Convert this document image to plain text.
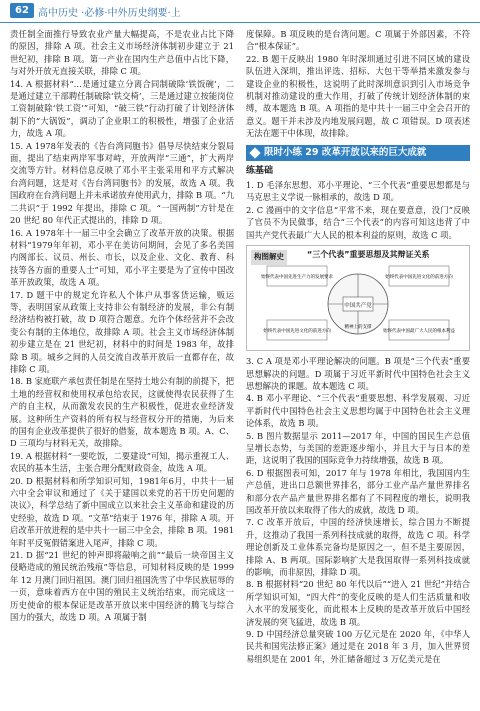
62 高中历史 ·必修·中外历史纲要·上

责任制全面推行导致农业产量大幅提高，不是农业占比下降的原因，排除 A 项。社会主义市场经济体制初步建立于 21 世纪初，排除 B 项。第一产业在国内生产总值中占比下降，与对外开放无直接关联，排除 C 项。

14. A 根据材料“…是通过建立分离合同制破除‘铁饭碗’，二是通过建立干部聘任制破除‘铁交椅’，三是通过建立按能岗位工资制破除‘铁工资’”可知，“破三铁”行动打破了计划经济体制下的“大锅饭”，调动了企业职工的积极性，增强了企业活力，故选 A 项。

15. A 1978年发表的《告台湾同胞书》倡导尽快结束分裂局面，提出了结束两岸军事对峙，开放两岸“三通”，扩大两岸交流等方针。材料信息反映了邓小平主张采用和平方式解决台湾问题，这是对《告台湾同胞书》的发展，故选 A 项。我国政府在台湾问题上并未承诺放弃使用武力，排除 B 项。“九二共识”于 1992 年提出，排除 C 项。“一国两制”方针是在 20 世纪 80 年代正式提出的，排除 D 项。

16. A 1978年十一届三中全会确立了改革开放的决策。根据材料“1979年年初，邓小平在美访问期间，会见了多名美国内阁部长、议员、州长、市长，以及企业、文化、教育、科技等各方面的重要人士”可知，邓小平主要是为了宣传中国改革开放政策，故选 A 项。

17. D 题干中的规定允许私人个体户从事客货运输，贩运等，表明国家从政策上支持非公有制经济的发展，非公有制经济结构被打破，故 D 项符合题意。允许个体经营并不会改变公有制的主体地位，故排除 A 项。社会主义市场经济体制初步建立是在 21 世纪初，材料中的时间是 1983 年，故排除 B 项。城乡之间的人员交流自改革开放后一直都存在，故排除 C 项。

18. B 家庭联产承包责任制是在坚持土地公有制的前提下，把土地的经营权和使用权承包给农民，这就使得农民获得了生产的自主权，从而激发农民的生产积极性，促进农业经济发展。这种所生产资料的所有权与经营权分开的措施，为后来的国有企业改革提供了很好的借鉴，故本题选 B 项。A、C、D 三项均与材料无关，故排除。

19. A 根据材料“一要吃饭，二要建设”可知，揭示重视工人、农民的基本生活，主张合理分配财政资金，故选 A 项。

20. D 根据材料和所学知识可知，1981年6月，中共十一届六中全会审议和通过了《关于建国以来党的若干历史问题的决议》，科学总结了新中国成立以来社会主义革命和建设的历史经验，故选 D 项。“文革”结束于 1976 年，排除 A 项。开启改革开放进程的是中共十一届三中全会，排除 B 项。1981 年时平反冤假错案进入尾声，排除 C 项。

21. D 据“21 世纪的钟声即将敲响之前”“最后一块帝国主义侵略造成的殖民统治残痕”等信息，可知材料反映的是 1999 年 12 月澳门回归祖国。澳门回归祖国洗雪了中华民族屈辱的一页，意味着西方在中国的殖民主义统治结束，而完成这一历史使命的根本保证是改革开放以来中国经济的腾飞与综合国力的强大，故选 D 项。A 项属于制

度保障。B 项反映的是台湾问题。C 项属于外部因素，不符合“根本保证”。

22. B 题干反映出 1980 年时深圳通过引进不同区域的建设队伍进入深圳，推出评选、招标、大包干等举措来激发参与建设企业的积极性，这说明了此时深圳意识到引入市场竞争机制对推动建设的重大作用，打破了传统计划经济体制的束缚，故本题选 B 项。A 项指的是中共十一届三中全会召开的意义。题干并未涉及内地发展问题，故 C 项错误。D 项表述无法在题干中体现，故排除。

限时小练 29 改革开放以来的巨大成就
练基础

1. D 毛泽东思想、邓小平理论、“三个代表”重要思想都是与马克思主义学说一脉相承的，故选 D 项。

2. C 漫画中的文字信息“平常不来，现在要意意，没门”反映了官员不为民做事，结合“三个代表”的内容可知这违背了中国共产党代表最广大人民的根本利益的原则，故选 C 项。

构图解史	“三个代表”重要思想及其辩证关系
中国共产党
始终代表中国先进文化的前进方向
始终代表中国先进生产力的发展要求
始终代表中国最广大人民的根本利益
始终代表中国先进文化的前进方向
精神上的支撑

3. C A 项是邓小平理论解决的问题。B 项是“三个代表”重要思想解决的问题。D 项属于习近平新时代中国特色社会主义思想解决的课题。故本题选 C 项。

4. B 邓小平理论、“三个代表”重要思想、科学发展观、习近平新时代中国特色社会主义思想均属于中国特色社会主义理论体系，故选 B 项。

5. B 图片数据显示 2011—2017 年，中国的国民生产总值呈增长态势，与美国的差距逐步缩小，并且大于与日本的差距，这说明了我国的国际竞争力持续增强，故选 B 项。

6. D 根据图表可知，2017 年与 1978 年相比，我国国内生产总值，进出口总额世界排名，部分工业产品产量世界排名和部分农产品产量世界排名都有了不同程度的增长，说明我国改革开放以来取得了伟大的成就，故选 D 项。

7. C 改革开放后，中国的经济快速增长，综合国力不断提升，这推动了我国一系列科技成就的取得，故选 C 项。科学理论创新及工业体系完备均是原因之一，但不是主要原因，排除 A、B 两项。国际影响扩大是我国取得一系列科技成就的影响，而非原因，排除 D 项。

8. B 根据材料“20 世纪 80 年代以后”“进入 21 世纪”并结合所学知识可知，“四大件”的变化反映的是人们生活质量和收入水平的发展变化，而此根本上反映的是改革开放后中国经济发展的突飞猛进，故选 B 项。

9. D 中国经济总量突破 100 万亿元是在 2020 年，《中华人民共和国宪法修正案》通过是在 2018 年 3 月，加入世界贸易组织是在 2001 年，外汇储备超过 3 万亿美元是在
